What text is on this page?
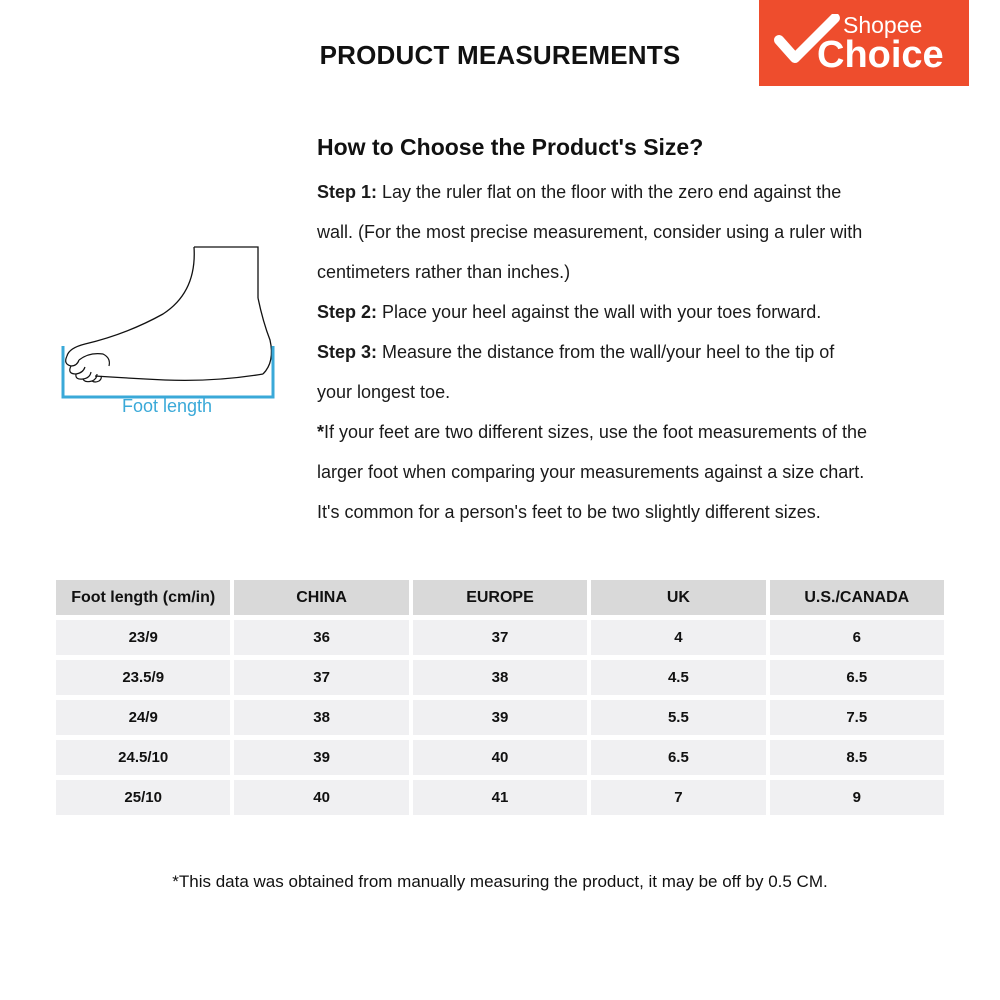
PRODUCT MEASUREMENTS
Shopee
Choice
Foot length
How to Choose the Product's Size?
Step 1: Lay the ruler flat on the floor with the zero end against the
wall. (For the most precise measurement, consider using a ruler with
centimeters rather than inches.)
Step 2: Place your heel against the wall with your toes forward.
Step 3: Measure the distance from the wall/your heel to the tip of
your longest toe.
*If your feet are two different sizes, use the foot measurements of the
larger foot when comparing your measurements against a size chart.
It's common for a person's feet to be two slightly different sizes.
Foot length (cm/in)	CHINA	EUROPE	UK	U.S./CANADA
23/9	36	37	4	6
23.5/9	37	38	4.5	6.5
24/9	38	39	5.5	7.5
24.5/10	39	40	6.5	8.5
25/10	40	41	7	9
*This data was obtained from manually measuring the product, it may be off by 0.5 CM.
